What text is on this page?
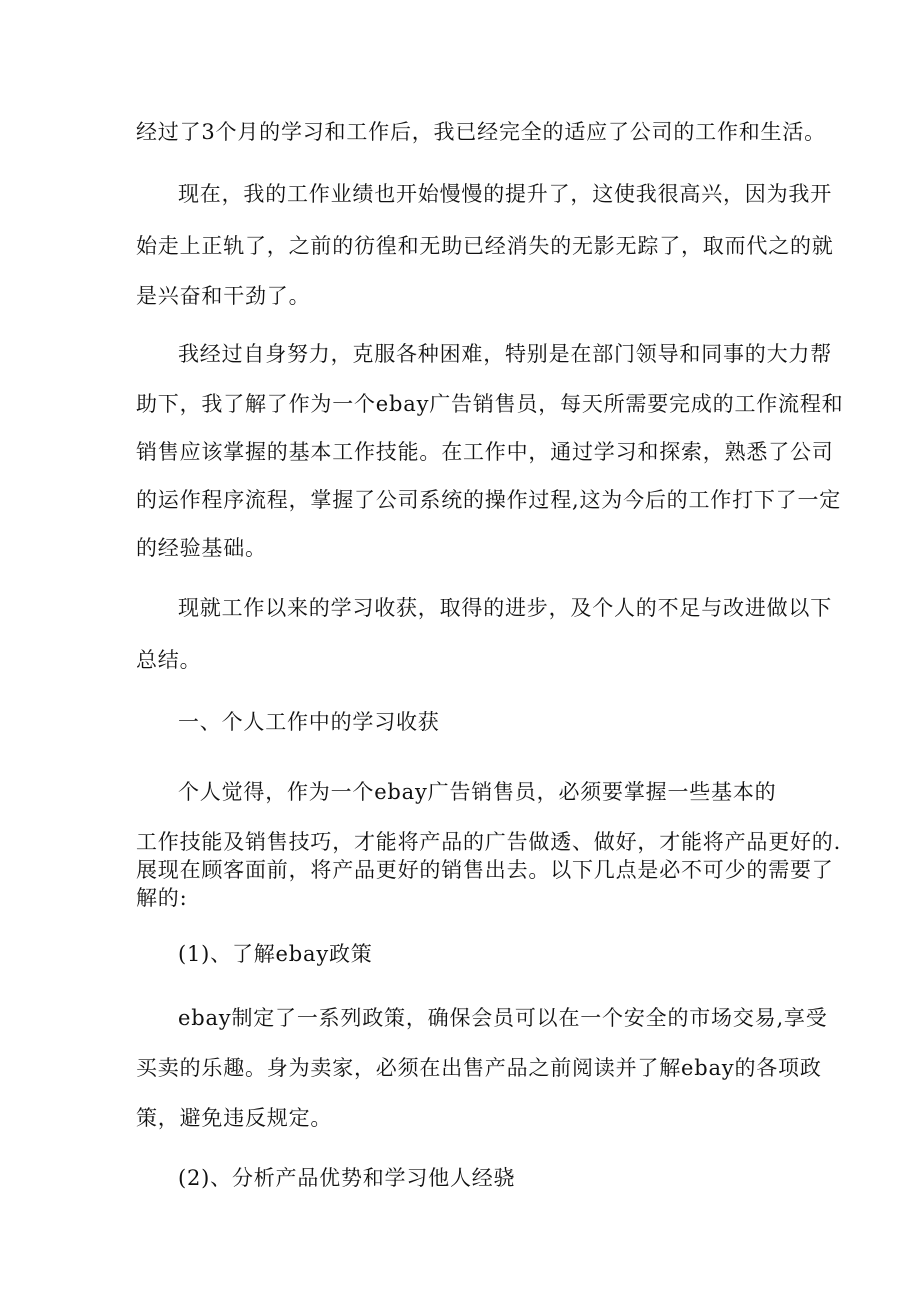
经过了3个月的学习和工作后，我已经完全的适应了公司的工作和生活。
现在，我的工作业绩也开始慢慢的提升了，这使我很高兴，因为我开
始走上正轨了，之前的彷徨和无助已经消失的无影无踪了，取而代之的就
是兴奋和干劲了。
我经过自身努力，克服各种困难，特别是在部门领导和同事的大力帮
助下，我了解了作为一个ebay广告销售员，每天所需要完成的工作流程和
销售应该掌握的基本工作技能。在工作中，通过学习和探索，熟悉了公司
的运作程序流程，掌握了公司系统的操作过程,这为今后的工作打下了一定
的经验基础。
现就工作以来的学习收获，取得的进步，及个人的不足与改进做以下
总结。
一、个人工作中的学习收获
个人觉得，作为一个ebay广告销售员，必须要掌握一些基本的
工作技能及销售技巧，才能将产品的广告做透、做好，才能将产品更好的.
展现在顾客面前，将产品更好的销售出去。以下几点是必不可少的需要了
解的:
(1)、了解ebay政策
ebay制定了一系列政策，确保会员可以在一个安全的市场交易,享受
买卖的乐趣。身为卖家，必须在出售产品之前阅读并了解ebay的各项政
策，避免违反规定。
(2)、分析产品优势和学习他人经骁
